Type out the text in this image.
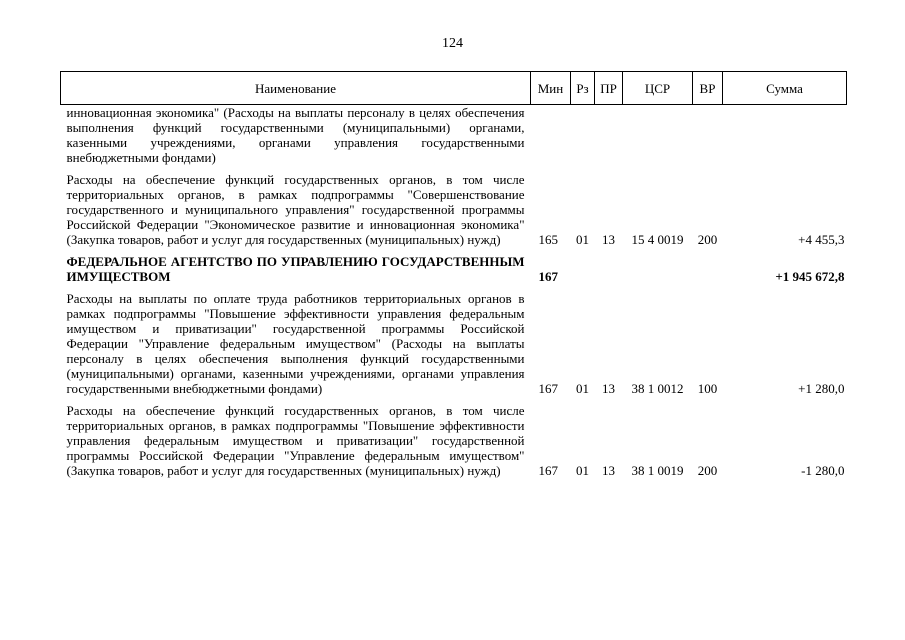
124
Наименование	Мин	Рз	ПР	ЦСР	ВР	Сумма
инновационная экономика" (Расходы на выплаты персоналу в целях обеспечения выполнения функций государственными (муниципальными) органами, казенными учреждениями, органами управления государственными внебюджетными фондами)						

Расходы на обеспечение функций государственных органов, в том числе территориальных органов, в рамках подпрограммы "Совершенствование государственного и муниципального управления" государственной программы Российской Федерации "Экономическое развитие и инновационная экономика" (Закупка товаров, работ и услуг для государственных (муниципальных) нужд)	165	01	13	15 4 0019	200	+4 455,3

ФЕДЕРАЛЬНОЕ АГЕНТСТВО ПО УПРАВЛЕНИЮ ГОСУДАРСТВЕННЫМ ИМУЩЕСТВОМ	167					+1 945 672,8

Расходы на выплаты по оплате труда работников территориальных органов в рамках подпрограммы "Повышение эффективности управления федеральным имуществом и приватизации" государственной программы Российской Федерации "Управление федеральным имуществом" (Расходы на выплаты персоналу в целях обеспечения выполнения функций государственными (муниципальными) органами, казенными учреждениями, органами управления государственными внебюджетными фондами)	167	01	13	38 1 0012	100	+1 280,0

Расходы на обеспечение функций государственных органов, в том числе территориальных органов, в рамках подпрограммы "Повышение эффективности управления федеральным имуществом и приватизации" государственной программы Российской Федерации "Управление федеральным имуществом" (Закупка товаров, работ и услуг для государственных (муниципальных) нужд)	167	01	13	38 1 0019	200	-1 280,0
